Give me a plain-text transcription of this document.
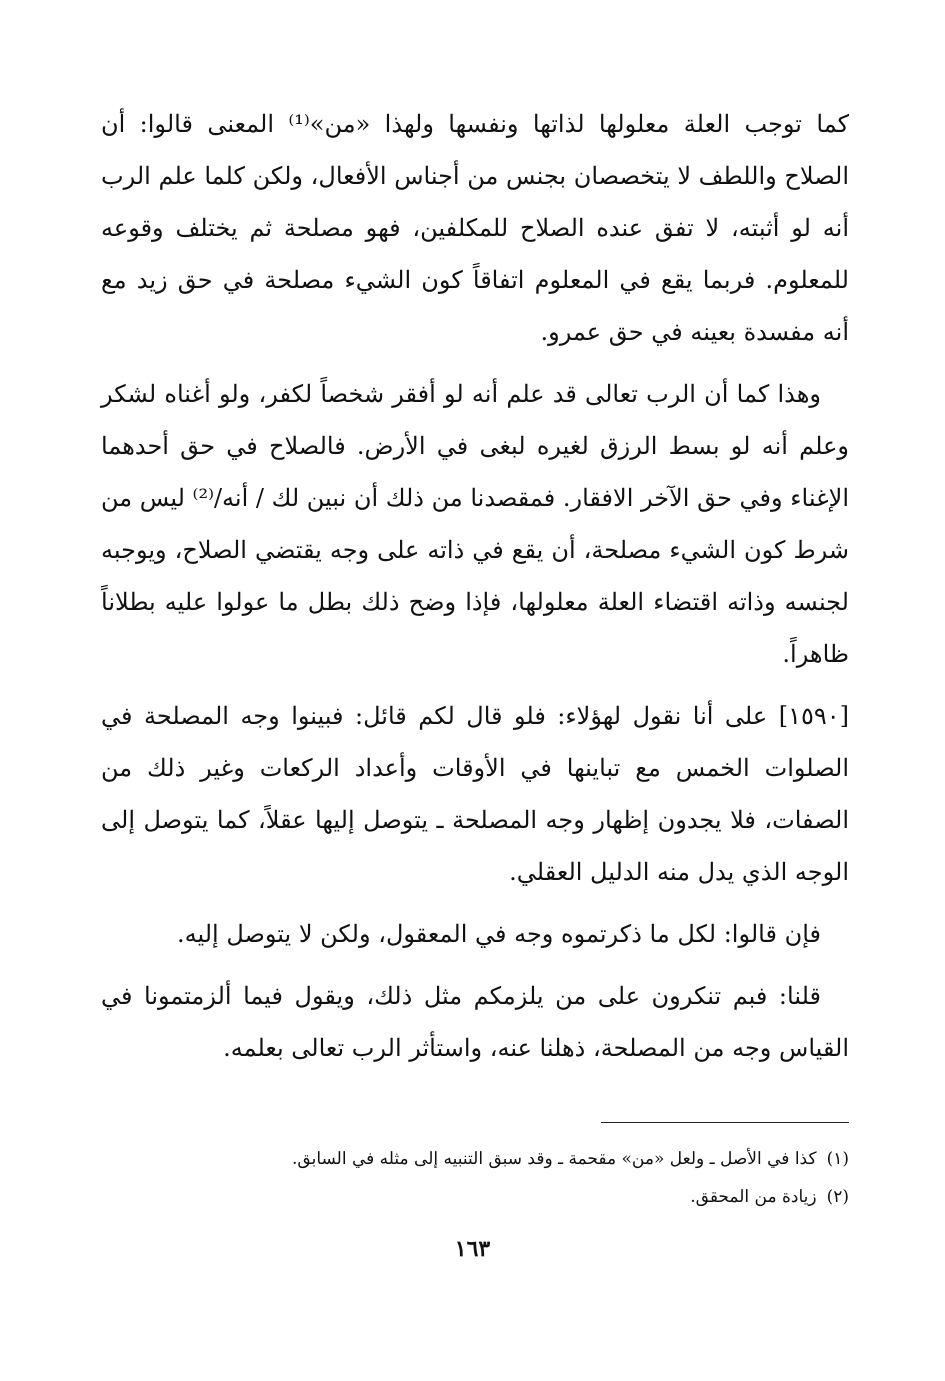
كما توجب العلة معلولها لذاتها ونفسها ولهذا «من»⁽¹⁾ المعنى قالوا: أن الصلاح واللطف لا يتخصصان بجنس من أجناس الأفعال، ولكن كلما علم الرب أنه لو أثبته، لا تفق عنده الصلاح للمكلفين، فهو مصلحة ثم يختلف وقوعه للمعلوم. فربما يقع في المعلوم اتفاقاً كون الشيء مصلحة في حق زيد مع أنه مفسدة بعينه في حق عمرو.

وهذا كما أن الرب تعالى قد علم أنه لو أفقر شخصاً لكفر، ولو أغناه لشكر وعلم أنه لو بسط الرزق لغيره لبغى في الأرض. فالصلاح في حق أحدهما الإغناء وفي حق الآخر الافقار. فمقصدنا من ذلك أن نبين لك / أنه/⁽²⁾ ليس من شرط كون الشيء مصلحة، أن يقع في ذاته على وجه يقتضي الصلاح، ويوجبه لجنسه وذاته اقتضاء العلة معلولها، فإذا وضح ذلك بطل ما عولوا عليه بطلاناً ظاهراً.

[١٥٩٠] على أنا نقول لهؤلاء: فلو قال لكم قائل: فبينوا وجه المصلحة في الصلوات الخمس مع تباينها في الأوقات وأعداد الركعات وغير ذلك من الصفات، فلا يجدون إظهار وجه المصلحة ـ يتوصل إليها عقلاً، كما يتوصل إلى الوجه الذي يدل منه الدليل العقلي.

فإن قالوا: لكل ما ذكرتموه وجه في المعقول، ولكن لا يتوصل إليه.

قلنا: فبم تنكرون على من يلزمكم مثل ذلك، ويقول فيما ألزمتمونا في القياس وجه من المصلحة، ذهلنا عنه، واستأثر الرب تعالى بعلمه.

(١)كذا في الأصل ـ ولعل «من» مقحمة ـ وقد سبق التنبيه إلى مثله في السابق.

(٢)زيادة من المحقق.

١٦٣
